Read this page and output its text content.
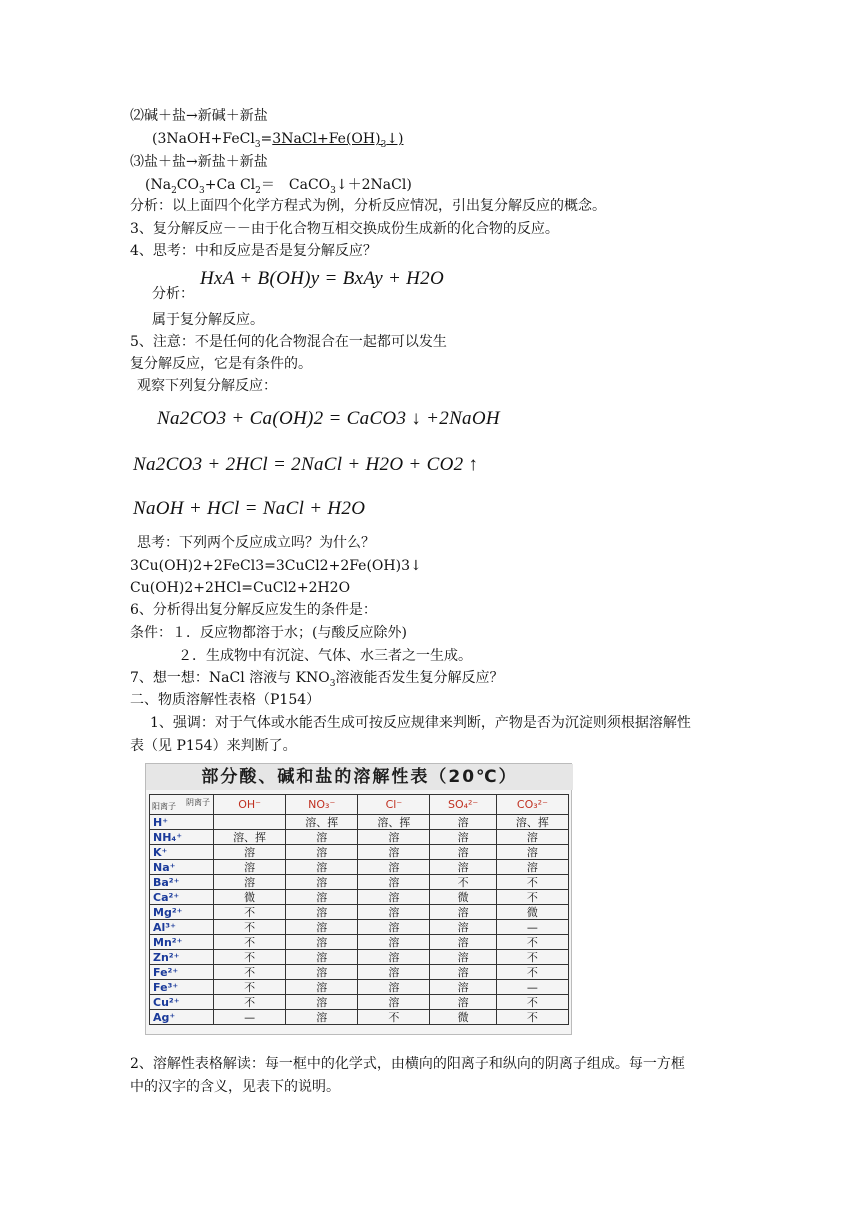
⑵碱＋盐→新碱＋新盐
$(3NaOH+FeCl_3=3NaCl+Fe(OH)_3↓)$
⑶盐＋盐→新盐＋新盐
($Na_2CO_3+Ca$ $Cl_2=$　CaCO$_3$↓＋2NaCl)
分析：以上面四个化学方程式为例，分析反应情况，引出复分解反应的概念。
3、复分解反应－－由于化合物互相交换成份生成新的化合物的反应。
4、思考：中和反应是否是复分解反应？
分析：
HxA + B(OH)y = BxAy + H2O
属于复分解反应。
5、注意：不是任何的化合物混合在一起都可以发生
复分解反应，它是有条件的。
观察下列复分解反应：
Na2CO3 + Ca(OH)2 = CaCO3 ↓ +2NaOH
Na2CO3 + 2HCl = 2NaCl + H2O + CO2 ↑
NaOH + HCl = NaCl + H2O
思考：下列两个反应成立吗？为什么？
3Cu(OH)2+2FeCl3=3CuCl2+2Fe(OH)3↓
Cu(OH)2+2HCl=CuCl2+2H2O
6、分析得出复分解反应发生的条件是：
条件：１．反应物都溶于水；(与酸反应除外)
２．生成物中有沉淀、气体、水三者之一生成。
7、想一想：NaCl 溶液与 $KNO_3$溶液能否发生复分解反应？
二、物质溶解性表格（P154）
1、强调：对于气体或水能否生成可按反应规律来判断，产物是否为沉淀则须根据溶解性
表（见 P154）来判断了。
部分酸、碱和盐的溶解性表（20℃）
阴离子
阳离子	OH⁻	NO₃⁻	Cl⁻	SO₄²⁻	CO₃²⁻
H⁺		溶、挥	溶、挥	溶	溶、挥
NH₄⁺	溶、挥	溶	溶	溶	溶
K⁺	溶	溶	溶	溶	溶
Na⁺	溶	溶	溶	溶	溶
Ba²⁺	溶	溶	溶	不	不
Ca²⁺	微	溶	溶	微	不
Mg²⁺	不	溶	溶	溶	微
Al³⁺	不	溶	溶	溶	—
Mn²⁺	不	溶	溶	溶	不
Zn²⁺	不	溶	溶	溶	不
Fe²⁺	不	溶	溶	溶	不
Fe³⁺	不	溶	溶	溶	—
Cu²⁺	不	溶	溶	溶	不
Ag⁺	—	溶	不	微	不
2、溶解性表格解读：每一框中的化学式，由横向的阳离子和纵向的阴离子组成。每一方框
中的汉字的含义，见表下的说明。
